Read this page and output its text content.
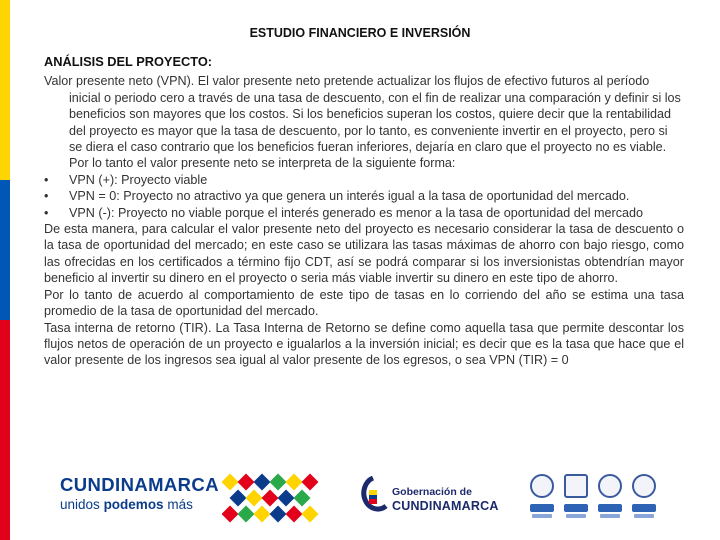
ESTUDIO FINANCIERO E INVERSIÓN

ANÁLISIS DEL PROYECTO:

Valor presente neto (VPN). El valor presente neto pretende actualizar los flujos de efectivo futuros al período inicial o periodo cero a través de una tasa de descuento, con el fin de realizar una comparación y definir si los beneficios son mayores que los costos. Si los beneficios superan los costos, quiere decir que la rentabilidad del proyecto es mayor que la tasa de descuento, por lo tanto, es conveniente invertir en el proyecto, pero si se diera el caso contrario que los beneficios fueran inferiores, dejaría en claro que el proyecto no es viable. Por lo tanto el valor presente neto se interpreta de la siguiente forma:

•	VPN (+): Proyecto viable
•	VPN = 0: Proyecto no atractivo ya que genera un interés igual a la tasa de oportunidad del mercado.
•	VPN (-): Proyecto no viable porque el interés generado es menor a la tasa de oportunidad del mercado

De esta manera, para calcular el valor presente neto del proyecto es necesario considerar la tasa de descuento o la tasa de oportunidad del mercado; en este caso se utilizara las tasas máximas de ahorro con bajo riesgo, como las ofrecidas en los certificados a término fijo CDT, así se podrá comparar si los inversionistas obtendrían mayor beneficio al invertir su dinero en el proyecto o seria más viable invertir su dinero en este tipo de ahorro.

Por lo tanto de acuerdo al comportamiento de este tipo de tasas en lo corriendo del año se estima una tasa promedio de la tasa de oportunidad del mercado.

Tasa interna de retorno (TIR). La Tasa Interna de Retorno se define como aquella tasa que permite descontar los flujos netos de operación de un proyecto e igualarlos a la inversión inicial; es decir que es la tasa que hace que el valor presente de los ingresos sea igual al valor presente de los egresos, o sea VPN (TIR) = 0

CUNDINAMARCA
unidos podemos más
Gobernación de
CUNDINAMARCA
